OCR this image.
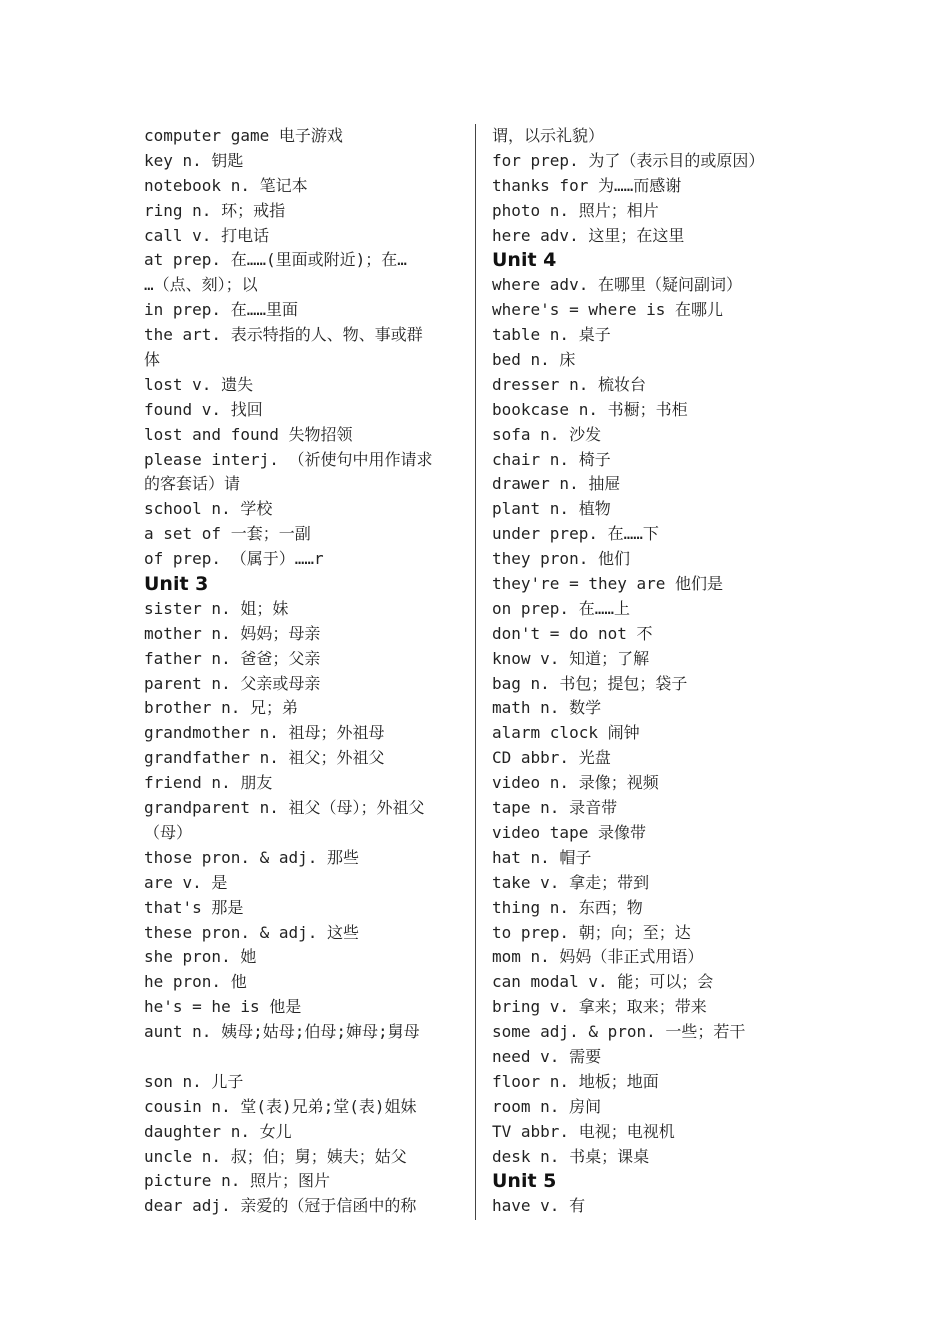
computer game 电子游戏
key n. 钥匙
notebook n. 笔记本
ring n. 环；戒指
call v. 打电话
at prep. 在……(里面或附近)；在…
…（点、刻）；以
in prep. 在……里面
the art. 表示特指的人、物、事或群
体
lost v. 遗失
found v. 找回
lost and found 失物招领
please interj. （祈使句中用作请求
的客套话）请
school n. 学校
a set of 一套；一副
of prep. （属于）……r
Unit 3
sister n. 姐；妹
mother n. 妈妈；母亲
father n. 爸爸；父亲
parent n. 父亲或母亲
brother n. 兄；弟
grandmother n. 祖母；外祖母
grandfather n. 祖父；外祖父
friend n. 朋友
grandparent n. 祖父（母）；外祖父
（母）
those pron. & adj. 那些
are v. 是
that's 那是
these pron. & adj. 这些
she pron. 她
he pron. 他
he's = he is 他是
aunt n. 姨母;姑母;伯母;婶母;舅母
son n. 儿子
cousin n. 堂(表)兄弟;堂(表)姐妹
daughter n. 女儿
uncle n. 叔；伯；舅；姨夫；姑父
picture n. 照片；图片
dear adj. 亲爱的（冠于信函中的称
谓，以示礼貌）
for prep. 为了（表示目的或原因）
thanks for 为……而感谢
photo n. 照片；相片
here adv. 这里；在这里
Unit 4
where adv. 在哪里（疑问副词）
where's = where is 在哪儿
table n. 桌子
bed n. 床
dresser n. 梳妆台
bookcase n. 书橱；书柜
sofa n. 沙发
chair n. 椅子
drawer n. 抽屉
plant n. 植物
under prep. 在……下
they pron. 他们
they're = they are 他们是
on prep. 在……上
don't = do not 不
know v. 知道；了解
bag n. 书包；提包；袋子
math n. 数学
alarm clock 闹钟
CD abbr. 光盘
video n. 录像；视频
tape n. 录音带
video tape 录像带
hat n. 帽子
take v. 拿走；带到
thing n. 东西；物
to prep. 朝；向；至；达
mom n. 妈妈（非正式用语）
can modal v. 能；可以；会
bring v. 拿来；取来；带来
some adj. & pron. 一些；若干
need v. 需要
floor n. 地板；地面
room n. 房间
TV abbr. 电视；电视机
desk n. 书桌；课桌
Unit 5
have v. 有
